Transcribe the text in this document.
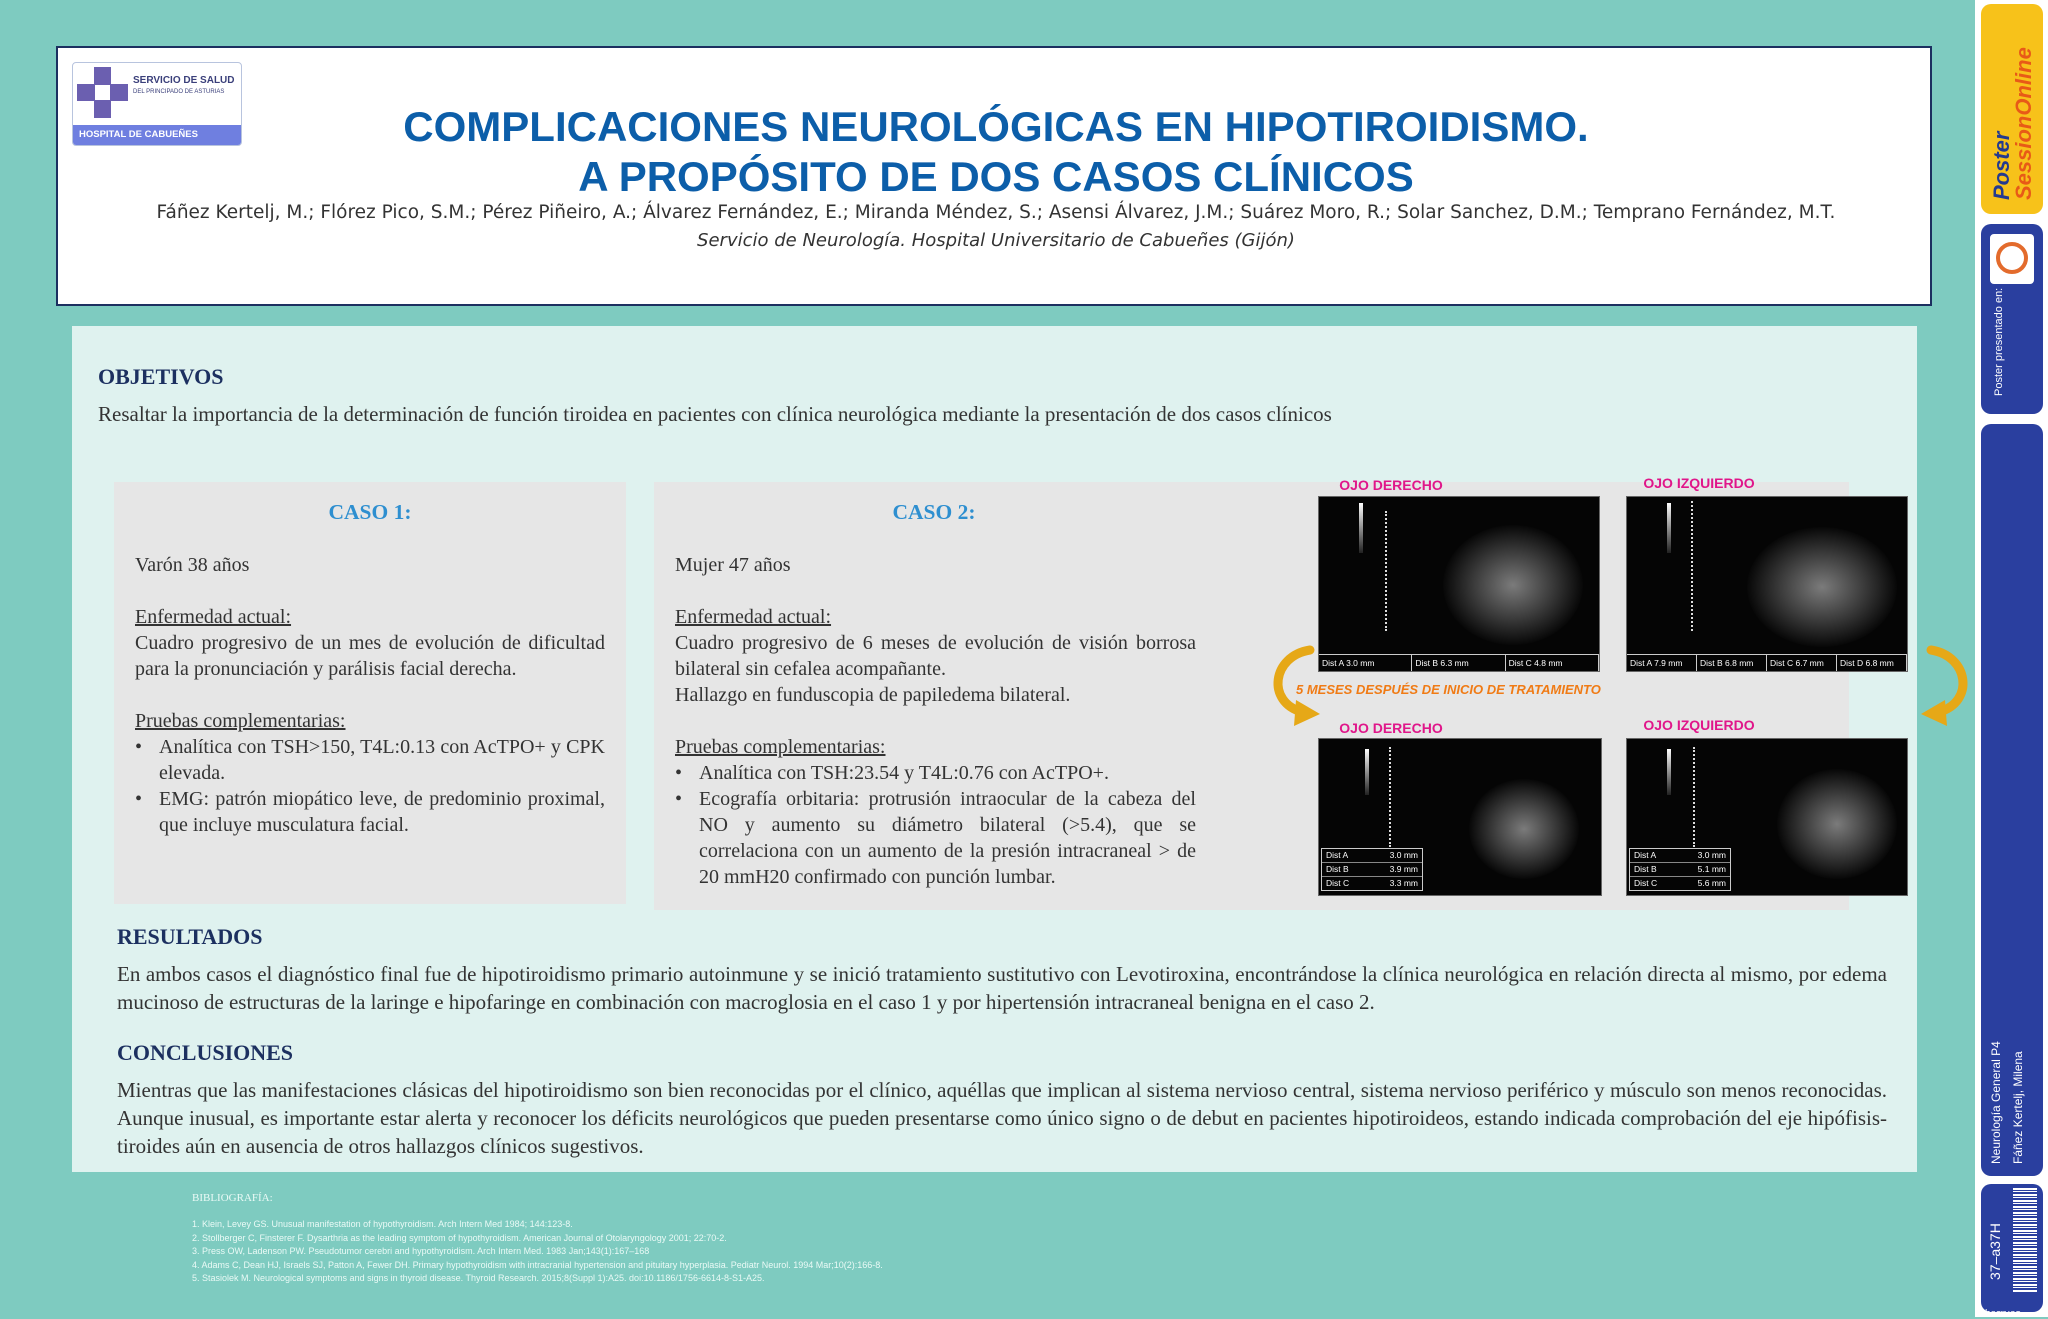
SERVICIO DE SALUD
DEL PRINCIPADO DE ASTURIAS
HOSPITAL DE CABUEÑES	COMPLICACIONES NEUROLÓGICAS EN HIPOTIROIDISMO.
A PROPÓSITO DE DOS CASOS CLÍNICOS
Fáñez Kertelj, M.; Flórez Pico, S.M.; Pérez Piñeiro, A.; Álvarez Fernández, E.; Miranda Méndez, S.; Asensi Álvarez, J.M.; Suárez Moro, R.; Solar Sanchez, D.M.; Temprano Fernández, M.T.
Servicio de Neurología. Hospital Universitario de Cabueñes (Gijón)
OBJETIVOS
Resaltar la importancia de la determinación de función tiroidea en pacientes con clínica neurológica mediante la presentación de dos casos clínicos
CASO 1:
Varón 38 años
Enfermedad actual:
Cuadro progresivo de un mes de evolución de dificultad para la pronunciación y parálisis facial derecha.
Pruebas complementarias:
• Analítica con TSH>150, T4L:0.13 con AcTPO+ y CPK elevada.
• EMG: patrón miopático leve, de predominio proximal, que incluye musculatura facial.
CASO 2:
Mujer 47 años
Enfermedad actual:
Cuadro progresivo de 6 meses de evolución de visión borrosa bilateral sin cefalea acompañante.
Hallazgo en funduscopia de papiledema bilateral.
Pruebas complementarias:
• Analítica con TSH:23.54 y T4L:0.76 con AcTPO+.
• Ecografía orbitaria: protrusión intraocular de la cabeza del NO y aumento su diámetro bilateral (>5.4), que se correlaciona con un aumento de la presión intracraneal > de 20 mmH20 confirmado con punción lumbar.
OJO DERECHO	OJO IZQUIERDO
Dist A 3.0 mm	Dist B 6.3 mm	Dist C 4.8 mm	Dist A 7.9 mm	Dist B 6.8 mm	Dist C 6.7 mm	Dist D 6.8 mm
5 MESES DESPUÉS DE INICIO DE TRATAMIENTO
OJO DERECHO	OJO IZQUIERDO
Dist A	3.0 mm
Dist B	3.9 mm
Dist C	3.3 mm
Dist A	3.0 mm
Dist B	5.1 mm
Dist C	5.6 mm
RESULTADOS
En ambos casos el diagnóstico final fue de hipotiroidismo primario autoinmune y se inició tratamiento sustitutivo con Levotiroxina, encontrándose la clínica neurológica en relación directa al mismo, por edema mucinoso de estructuras de la laringe e hipofaringe en combinación con macroglosia en el caso 1 y por hipertensión intracraneal benigna en el caso 2.
CONCLUSIONES
Mientras que las manifestaciones clásicas del hipotiroidismo son bien reconocidas por el clínico, aquéllas que implican al sistema nervioso central, sistema nervioso periférico y músculo son menos reconocidas. Aunque inusual, es importante estar alerta y reconocer los déficits neurológicos que pueden presentarse como único signo o de debut en pacientes hipotiroideos, estando indicada comprobación del eje hipófisis-tiroides aún en ausencia de otros hallazgos clínicos sugestivos.
BIBLIOGRAFÍA:
1. Klein, Levey GS. Unusual manifestation of hypothyroidism. Arch Intern Med 1984; 144:123-8.
2. Stollberger C, Finsterer F. Dysarthria as the leading symptom of hypothyroidism. American Journal of Otolaryngology 2001; 22:70-2.
3. Press OW, Ladenson PW. Pseudotumor cerebri and hypothyroidism. Arch Intern Med. 1983 Jan;143(1):167–168
4. Adams C, Dean HJ, Israels SJ, Patton A, Fewer DH. Primary hypothyroidism with intracranial hypertension and pituitary hyperplasia. Pediatr Neurol. 1994 Mar;10(2):166-8.
5. Stasiolek M. Neurological symptoms and signs in thyroid disease. Thyroid Research. 2015;8(Suppl 1):A25. doi:10.1186/1756-6614-8-S1-A25.
Poster
SessionOnline
Poster presentado en:
Neurología General P4 Fáñez Kertelj, Milena
37–a37H
seraseq
